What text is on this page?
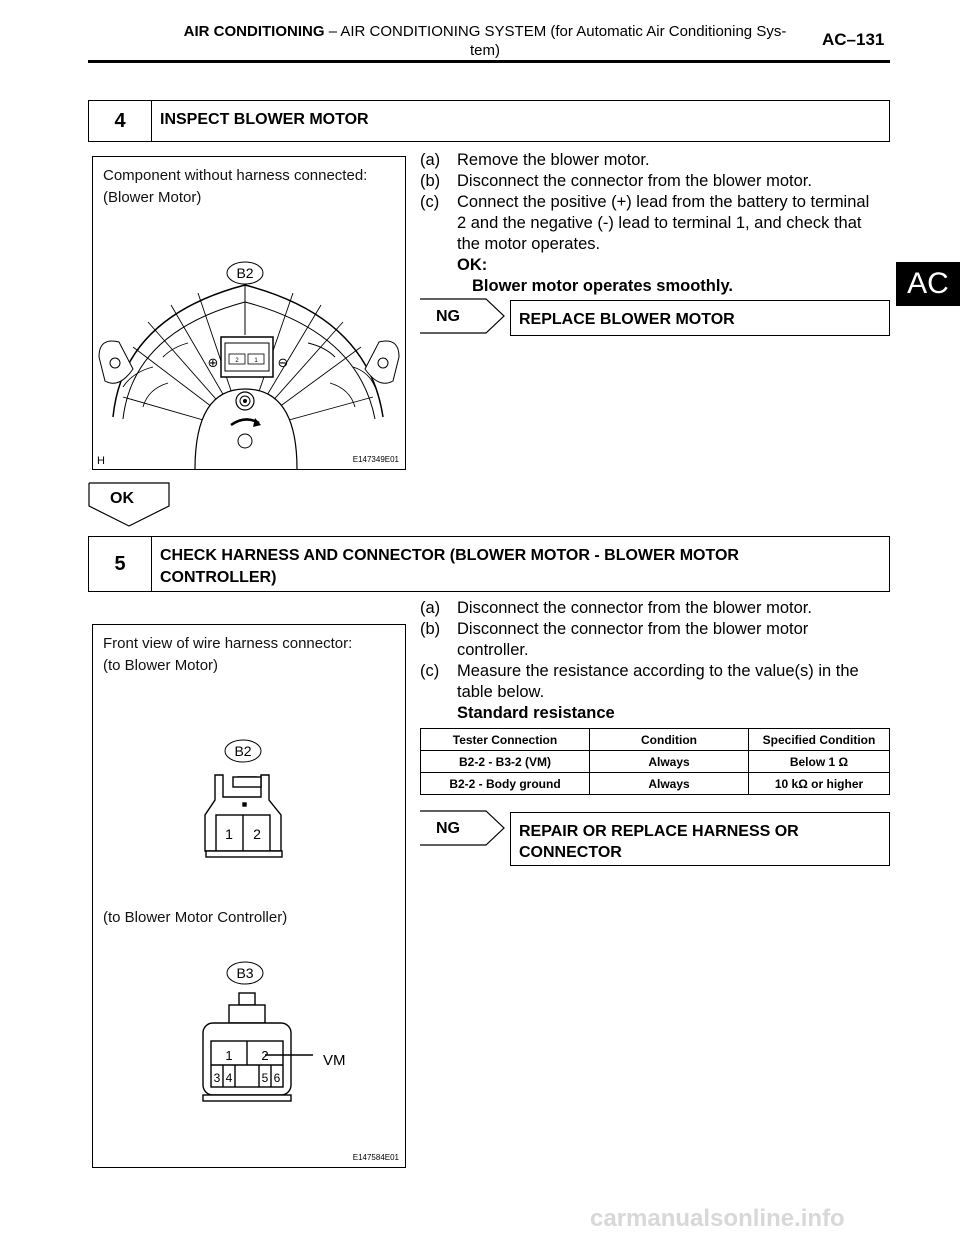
AIR CONDITIONING – AIR CONDITIONING SYSTEM (for Automatic Air Conditioning Sys-
tem)
AC–131
AC
4	INSPECT BLOWER MOTOR
Component without harness connected:
(Blower Motor)
B2
2	1
⊕	⊖
H	E147349E01
(a)	Remove the blower motor.
(b)	Disconnect the connector from the blower motor.
(c)	Connect the positive (+) lead from the battery to terminal
2 and the negative (-) lead to terminal 1, and check that
the motor operates.
OK:
Blower motor operates smoothly.
NG	REPLACE BLOWER MOTOR
OK
5	CHECK HARNESS AND CONNECTOR (BLOWER MOTOR - BLOWER MOTOR
CONTROLLER)
Front view of wire harness connector:
(to Blower Motor)
(to Blower Motor Controller)
B2
1 2
B3
1 2
3 4 5 6
VM
E147584E01
(a)	Disconnect the connector from the blower motor.
(b)	Disconnect the connector from the blower motor
controller.
(c)	Measure the resistance according to the value(s) in the
table below.
Standard resistance
Tester Connection	Condition	Specified Condition
B2-2 - B3-2 (VM)	Always	Below 1 Ω
B2-2 - Body ground	Always	10 kΩ or higher
NG	REPAIR OR REPLACE HARNESS OR
CONNECTOR
carmanualsonline.info
